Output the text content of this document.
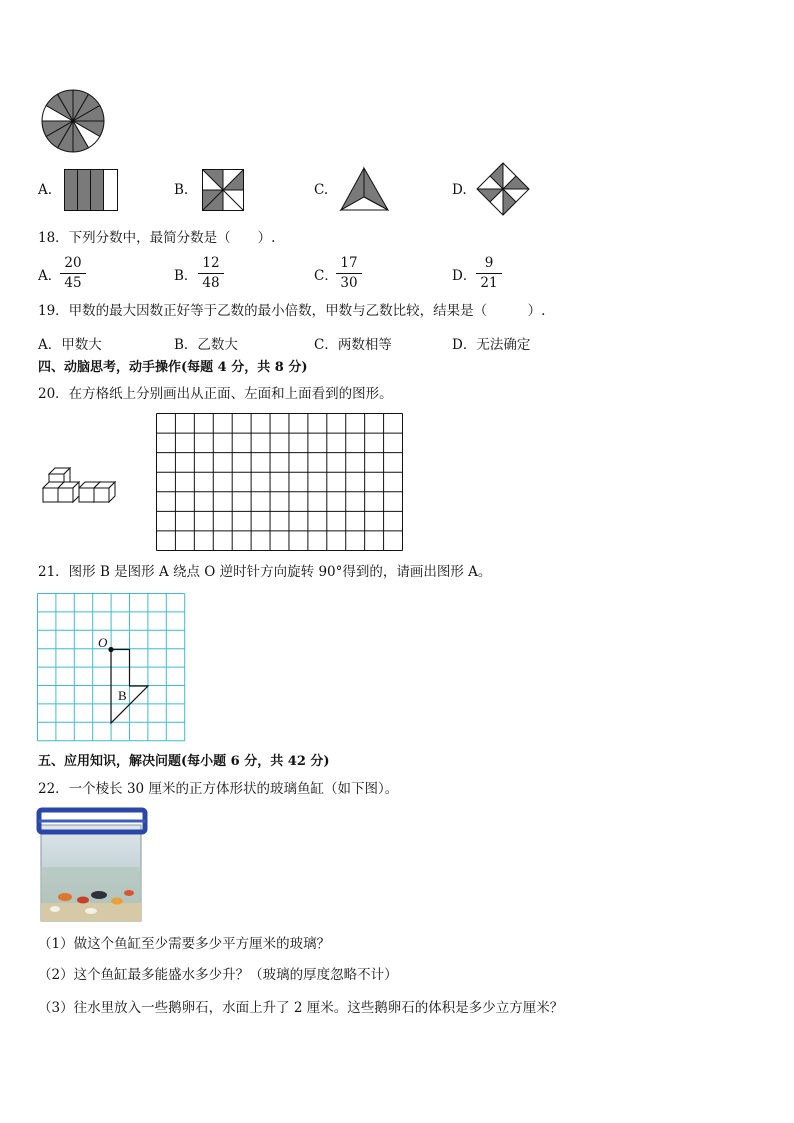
A.	B.	C.	D.
18．下列分数中，最简分数是（　　）.
A．
$\frac{20}{45}$	B． $\frac{12}{48}$	C．
$\frac{17}{30}$	D． $\frac{9}{21}$
19．甲数的最大因数正好等于乙数的最小倍数，甲数与乙数比较，结果是（　　　）.
A．甲数大	B．乙数大	C．两数相等	D．无法确定
四、动脑思考，动手操作(每题 4 分，共 8 分)
20．在方格纸上分别画出从正面、左面和上面看到的图形。
21．图形 B 是图形 A 绕点 O 逆时针方向旋转 90°得到的，请画出图形 A。
O
B
五、应用知识，解决问题(每小题 6 分，共 42 分)
22．一个棱长 30 厘米的正方体形状的玻璃鱼缸（如下图）。
（1）做这个鱼缸至少需要多少平方厘米的玻璃？
（2）这个鱼缸最多能盛水多少升？（玻璃的厚度忽略不计）
（3）往水里放入一些鹅卵石，水面上升了 2 厘米。这些鹅卵石的体积是多少立方厘米？
